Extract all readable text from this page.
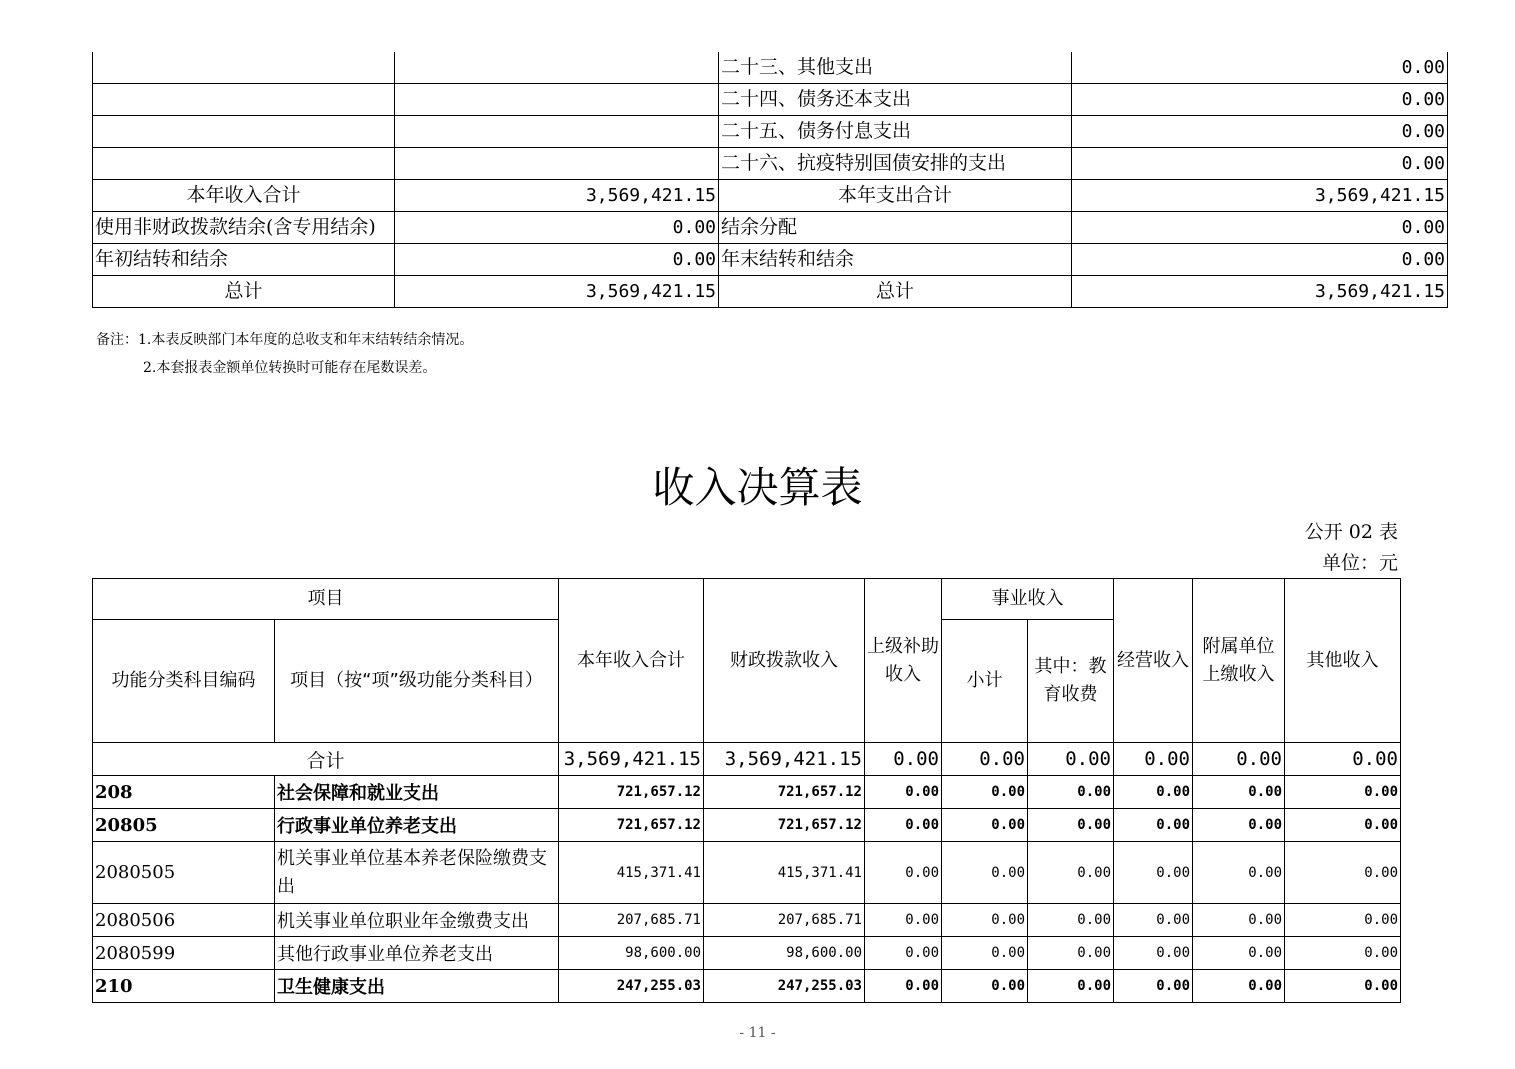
		二十三、其他支出	0.00
		二十四、债务还本支出	0.00
		二十五、债务付息支出	0.00
		二十六、抗疫特别国债安排的支出	0.00
本年收入合计	3,569,421.15	本年支出合计	3,569,421.15
使用非财政拨款结余(含专用结余)	0.00	结余分配	0.00
年初结转和结余	0.00	年末结转和结余	0.00
总计	3,569,421.15	总计	3,569,421.15
备注：1.本表反映部门本年度的总收支和年末结转结余情况。
2.本套报表金额单位转换时可能存在尾数误差。
收入决算表
公开 02 表
单位：元
项目		本年收入合计	财政拨款收入	上级补助收入	事业收入		经营收入	附属单位上缴收入	其他收入
功能分类科目编码	项目（按“项”级功能分类科目）				小计	其中：教育收费			
合计		3,569,421.15	3,569,421.15	0.00	0.00	0.00	0.00	0.00	0.00
208	社会保障和就业支出	721,657.12	721,657.12	0.00	0.00	0.00	0.00	0.00	0.00
20805	行政事业单位养老支出	721,657.12	721,657.12	0.00	0.00	0.00	0.00	0.00	0.00
2080505	机关事业单位基本养老保险缴费支出	415,371.41	415,371.41	0.00	0.00	0.00	0.00	0.00	0.00
2080506	机关事业单位职业年金缴费支出	207,685.71	207,685.71	0.00	0.00	0.00	0.00	0.00	0.00
2080599	其他行政事业单位养老支出	98,600.00	98,600.00	0.00	0.00	0.00	0.00	0.00	0.00
210	卫生健康支出	247,255.03	247,255.03	0.00	0.00	0.00	0.00	0.00	0.00
- 11 -
